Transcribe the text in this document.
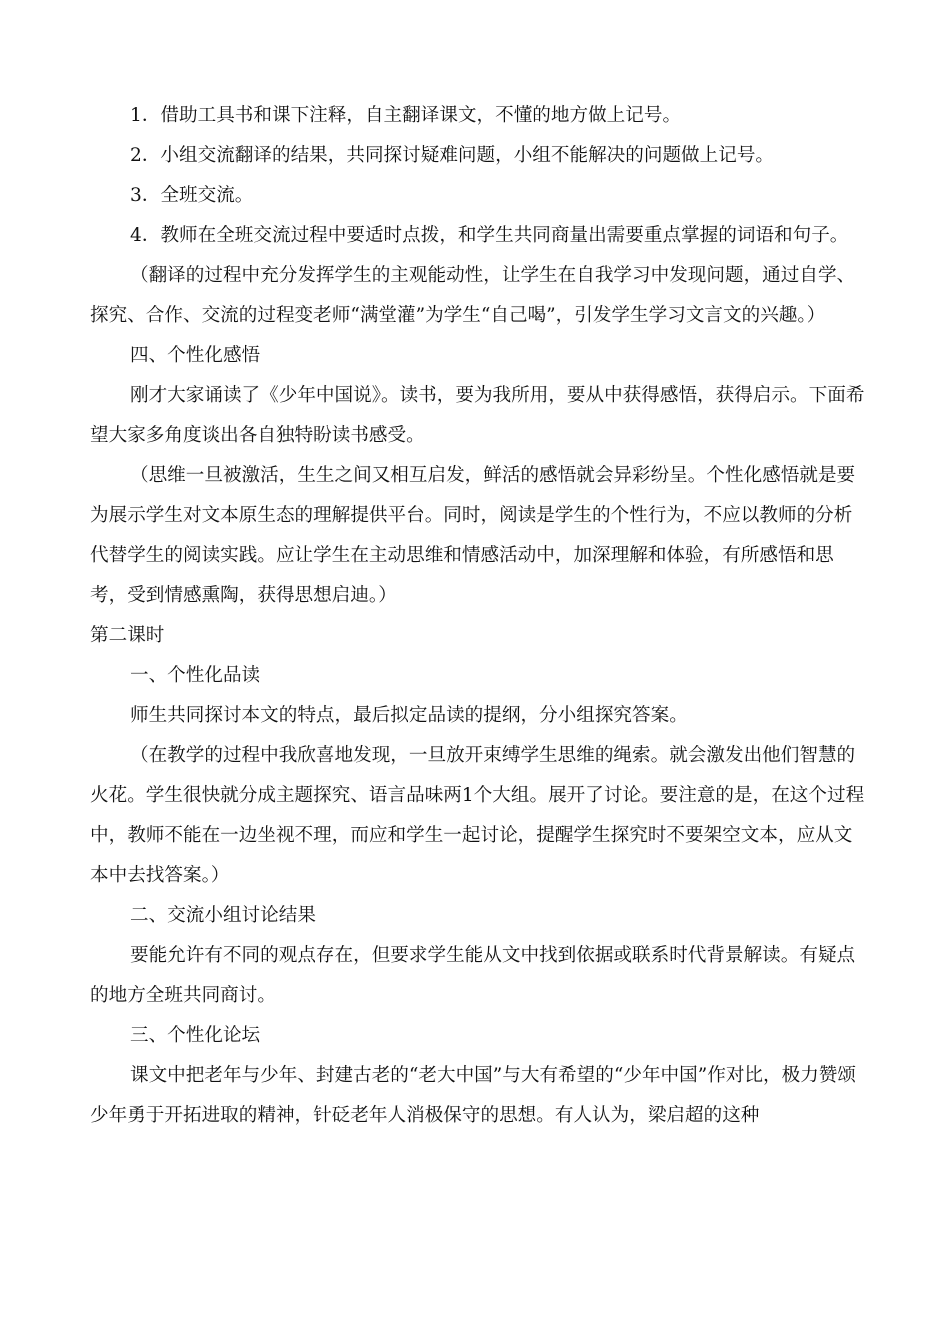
1．借助工具书和课下注释，自主翻译课文，不懂的地方做上记号。

2．小组交流翻译的结果，共同探讨疑难问题，小组不能解决的问题做上记号。

3．全班交流。

4．教师在全班交流过程中要适时点拨，和学生共同商量出需要重点掌握的词语和句子。

（翻译的过程中充分发挥学生的主观能动性，让学生在自我学习中发现问题，通过自学、探究、合作、交流的过程变老师“满堂灌”为学生“自己喝”，引发学生学习文言文的兴趣。）

四、个性化感悟

刚才大家诵读了《少年中国说》。读书，要为我所用，要从中获得感悟，获得启示。下面希望大家多角度谈出各自独特盼读书感受。

（思维一旦被激活，生生之间又相互启发，鲜活的感悟就会异彩纷呈。个性化感悟就是要为展示学生对文本原生态的理解提供平台。同时，阅读是学生的个性行为，不应以教师的分析代替学生的阅读实践。应让学生在主动思维和情感活动中，加深理解和体验，有所感悟和思考，受到情感熏陶，获得思想启迪。）

第二课时

一、个性化品读

师生共同探讨本文的特点，最后拟定品读的提纲，分小组探究答案。

（在教学的过程中我欣喜地发现，一旦放开束缚学生思维的绳索。就会激发出他们智慧的火花。学生很快就分成主题探究、语言品味两1个大组。展开了讨论。要注意的是，在这个过程中，教师不能在一边坐视不理，而应和学生一起讨论，提醒学生探究时不要架空文本，应从文本中去找答案。）

二、交流小组讨论结果

要能允许有不同的观点存在，但要求学生能从文中找到依据或联系时代背景解读。有疑点的地方全班共同商讨。

三、个性化论坛

课文中把老年与少年、封建古老的“老大中国”与大有希望的“少年中国”作对比，极力赞颂少年勇于开拓进取的精神，针砭老年人消极保守的思想。有人认为，梁启超的这种
